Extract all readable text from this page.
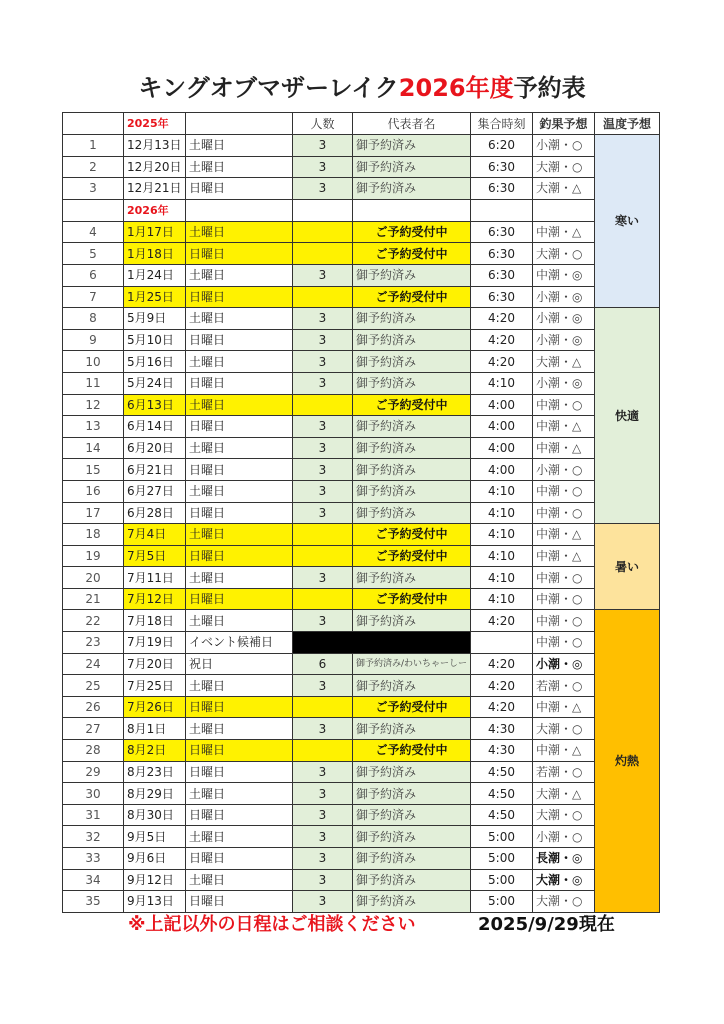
キングオブマザーレイク2026年度予約表
	2025年		人数	代表者名	集合時刻	釣果予想	温度予想
1	12月13日	土曜日	3	御予約済み	6:20	小潮・○	寒い
2	12月20日	土曜日	3	御予約済み	6:30	大潮・○	
3	12月21日	日曜日	3	御予約済み	6:30	大潮・△	
	2026年						
4	1月17日	土曜日		ご予約受付中	6:30	中潮・△	
5	1月18日	日曜日		ご予約受付中	6:30	大潮・○	
6	1月24日	土曜日	3	御予約済み	6:30	中潮・◎	
7	1月25日	日曜日		ご予約受付中	6:30	小潮・◎	
8	5月9日	土曜日	3	御予約済み	4:20	小潮・◎	快適
9	5月10日	日曜日	3	御予約済み	4:20	小潮・◎	
10	5月16日	土曜日	3	御予約済み	4:20	大潮・△	
11	5月24日	日曜日	3	御予約済み	4:10	小潮・◎	
12	6月13日	土曜日		ご予約受付中	4:00	中潮・○	
13	6月14日	日曜日	3	御予約済み	4:00	中潮・△	
14	6月20日	土曜日	3	御予約済み	4:00	中潮・△	
15	6月21日	日曜日	3	御予約済み	4:00	小潮・○	
16	6月27日	土曜日	3	御予約済み	4:10	中潮・○	
17	6月28日	日曜日	3	御予約済み	4:10	中潮・○	
18	7月4日	土曜日		ご予約受付中	4:10	中潮・△	暑い
19	7月5日	日曜日		ご予約受付中	4:10	中潮・△	
20	7月11日	土曜日	3	御予約済み	4:10	中潮・○	
21	7月12日	日曜日		ご予約受付中	4:10	中潮・○	
22	7月18日	土曜日	3	御予約済み	4:20	中潮・○	灼熱
23	7月19日	イベント候補日				中潮・○	
24	7月20日	祝日	6	御予約済み/わいちゃーしー	4:20	小潮・◎	
25	7月25日	土曜日	3	御予約済み	4:20	若潮・○	
26	7月26日	日曜日		ご予約受付中	4:20	中潮・△	
27	8月1日	土曜日	3	御予約済み	4:30	大潮・○	
28	8月2日	日曜日		ご予約受付中	4:30	中潮・△	
29	8月23日	日曜日	3	御予約済み	4:50	若潮・○	
30	8月29日	土曜日	3	御予約済み	4:50	大潮・△	
31	8月30日	日曜日	3	御予約済み	4:50	大潮・○	
32	9月5日	土曜日	3	御予約済み	5:00	小潮・○	
33	9月6日	日曜日	3	御予約済み	5:00	長潮・◎	
34	9月12日	土曜日	3	御予約済み	5:00	大潮・◎	
35	9月13日	日曜日	3	御予約済み	5:00	大潮・○	
※上記以外の日程はご相談ください	2025/9/29現在
